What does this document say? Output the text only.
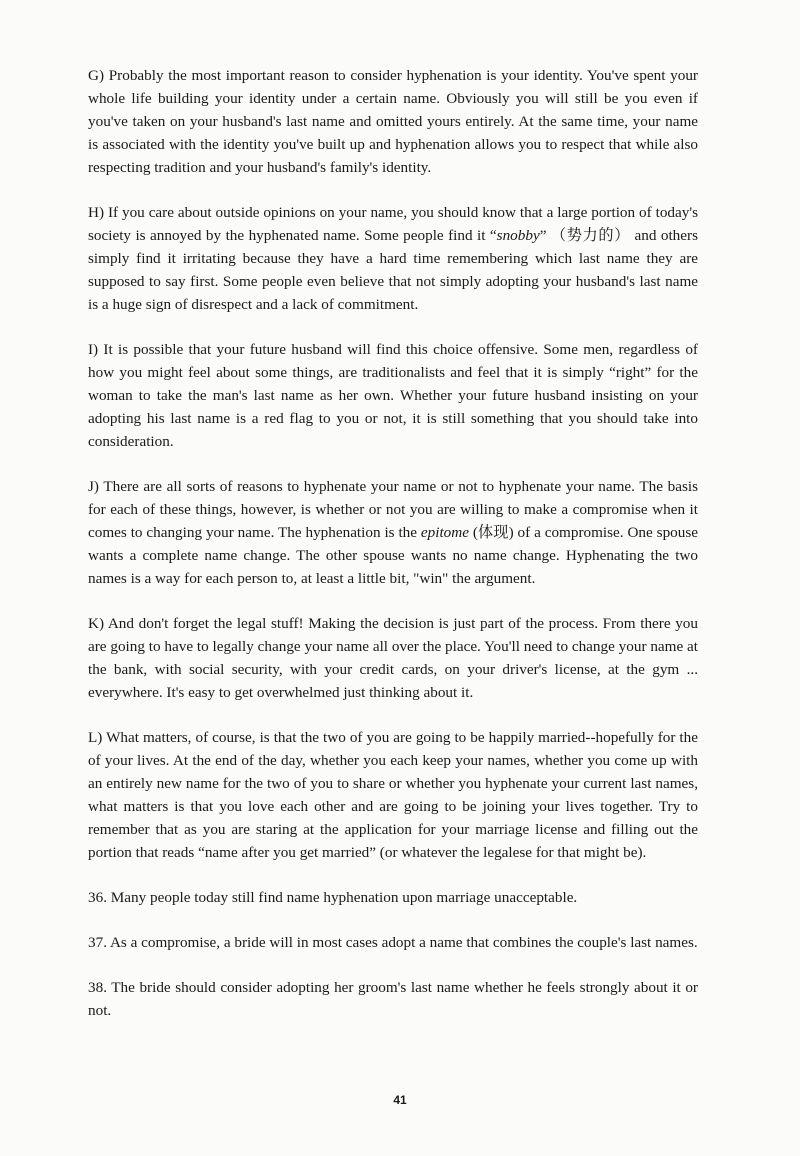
G) Probably the most important reason to consider hyphenation is your identity. You've spent your whole life building your identity under a certain name. Obviously you will still be you even if you've taken on your husband's last name and omitted yours entirely. At the same time, your name is associated with the identity you've built up and hyphenation allows you to respect that while also respecting tradition and your husband's family's identity.

H) If you care about outside opinions on your name, you should know that a large portion of today's society is annoyed by the hyphenated name. Some people find it “snobby” （势力的） and others simply find it irritating because they have a hard time remembering which last name they are supposed to say first. Some people even believe that not simply adopting your husband's last name is a huge sign of disrespect and a lack of commitment.

I) It is possible that your future husband will find this choice offensive. Some men, regardless of how you might feel about some things, are traditionalists and feel that it is simply “right” for the woman to take the man's last name as her own. Whether your future husband insisting on your adopting his last name is a red flag to you or not, it is still something that you should take into consideration.

J) There are all sorts of reasons to hyphenate your name or not to hyphenate your name. The basis for each of these things, however, is whether or not you are willing to make a compromise when it comes to changing your name. The hyphenation is the epitome (体现) of a compromise. One spouse wants a complete name change. The other spouse wants no name change. Hyphenating the two names is a way for each person to, at least a little bit, "win" the argument.

K) And don't forget the legal stuff! Making the decision is just part of the process. From there you are going to have to legally change your name all over the place. You'll need to change your name at the bank, with social security, with your credit cards, on your driver's license, at the gym ... everywhere. It's easy to get overwhelmed just thinking about it.

L) What matters, of course, is that the two of you are going to be happily married--hopefully for the of your lives. At the end of the day, whether you each keep your names, whether you come up with an entirely new name for the two of you to share or whether you hyphenate your current last names, what matters is that you love each other and are going to be joining your lives together. Try to remember that as you are staring at the application for your marriage license and filling out the portion that reads “name after you get married” (or whatever the legalese for that might be).

36. Many people today still find name hyphenation upon marriage unacceptable.

37. As a compromise, a bride will in most cases adopt a name that combines the couple's last names.

38. The bride should consider adopting her groom's last name whether he feels strongly about it or not.

41
